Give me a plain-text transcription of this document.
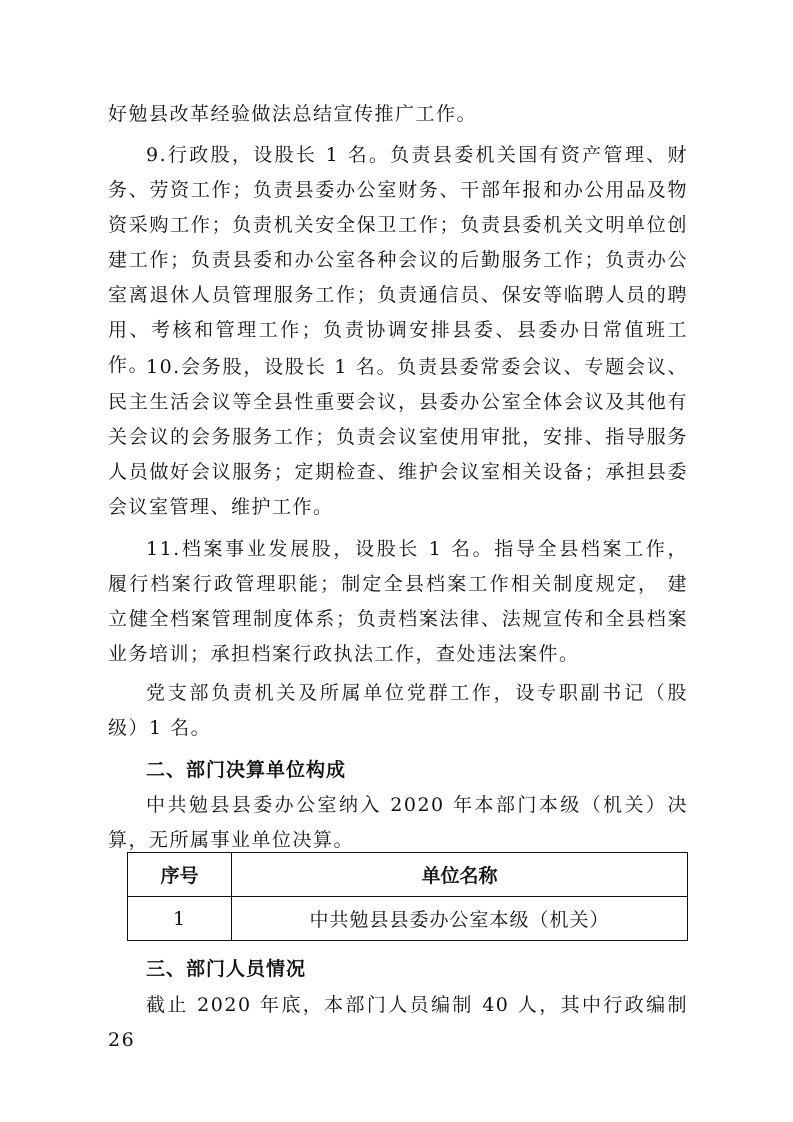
好勉县改革经验做法总结宣传推广工作。

9.行政股，设股长 1 名。负责县委机关国有资产管理、财务、劳资工作；负责县委办公室财务、干部年报和办公用品及物资采购工作；负责机关安全保卫工作；负责县委机关文明单位创建工作；负责县委和办公室各种会议的后勤服务工作；负责办公室离退休人员管理服务工作；负责通信员、保安等临聘人员的聘用、考核和管理工作；负责协调安排县委、县委办日常值班工作。

10.会务股，设股长 1 名。负责县委常委会议、专题会议、民主生活会议等全县性重要会议，县委办公室全体会议及其他有关会议的会务服务工作；负责会议室使用审批，安排、指导服务人员做好会议服务；定期检查、维护会议室相关设备；承担县委会议室管理、维护工作。

11.档案事业发展股，设股长 1 名。指导全县档案工作， 履行档案行政管理职能；制定全县档案工作相关制度规定， 建立健全档案管理制度体系；负责档案法律、法规宣传和全县档案业务培训；承担档案行政执法工作，查处违法案件。

党支部负责机关及所属单位党群工作，设专职副书记（股级）1 名。

二、部门决算单位构成

中共勉县县委办公室纳入 2020 年本部门本级（机关）决算，无所属事业单位决算。

序号	单位名称
1	中共勉县县委办公室本级（机关）
三、部门人员情况

截止 2020 年底，本部门人员编制 40 人，其中行政编制 26
